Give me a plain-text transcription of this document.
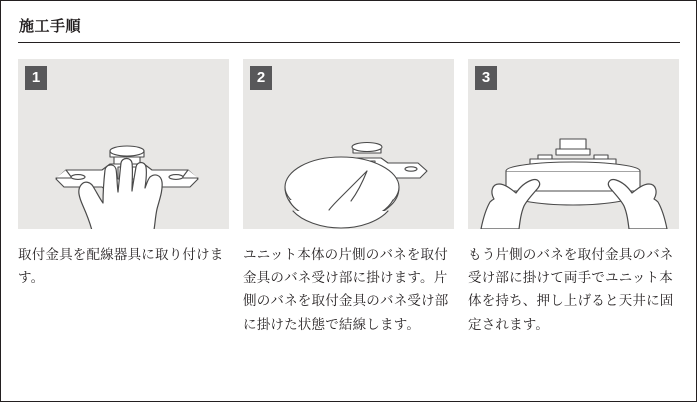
施工手順
1
取付金具を配線器具に取り付けます。
2
ユニット本体の片側のバネを取付金具のバネ受け部に掛けます。片側のバネを取付金具のバネ受け部に掛けた状態で結線します。
3
もう片側のバネを取付金具のバネ受け部に掛けて両手でユニット本体を持ち、押し上げると天井に固定されます。
